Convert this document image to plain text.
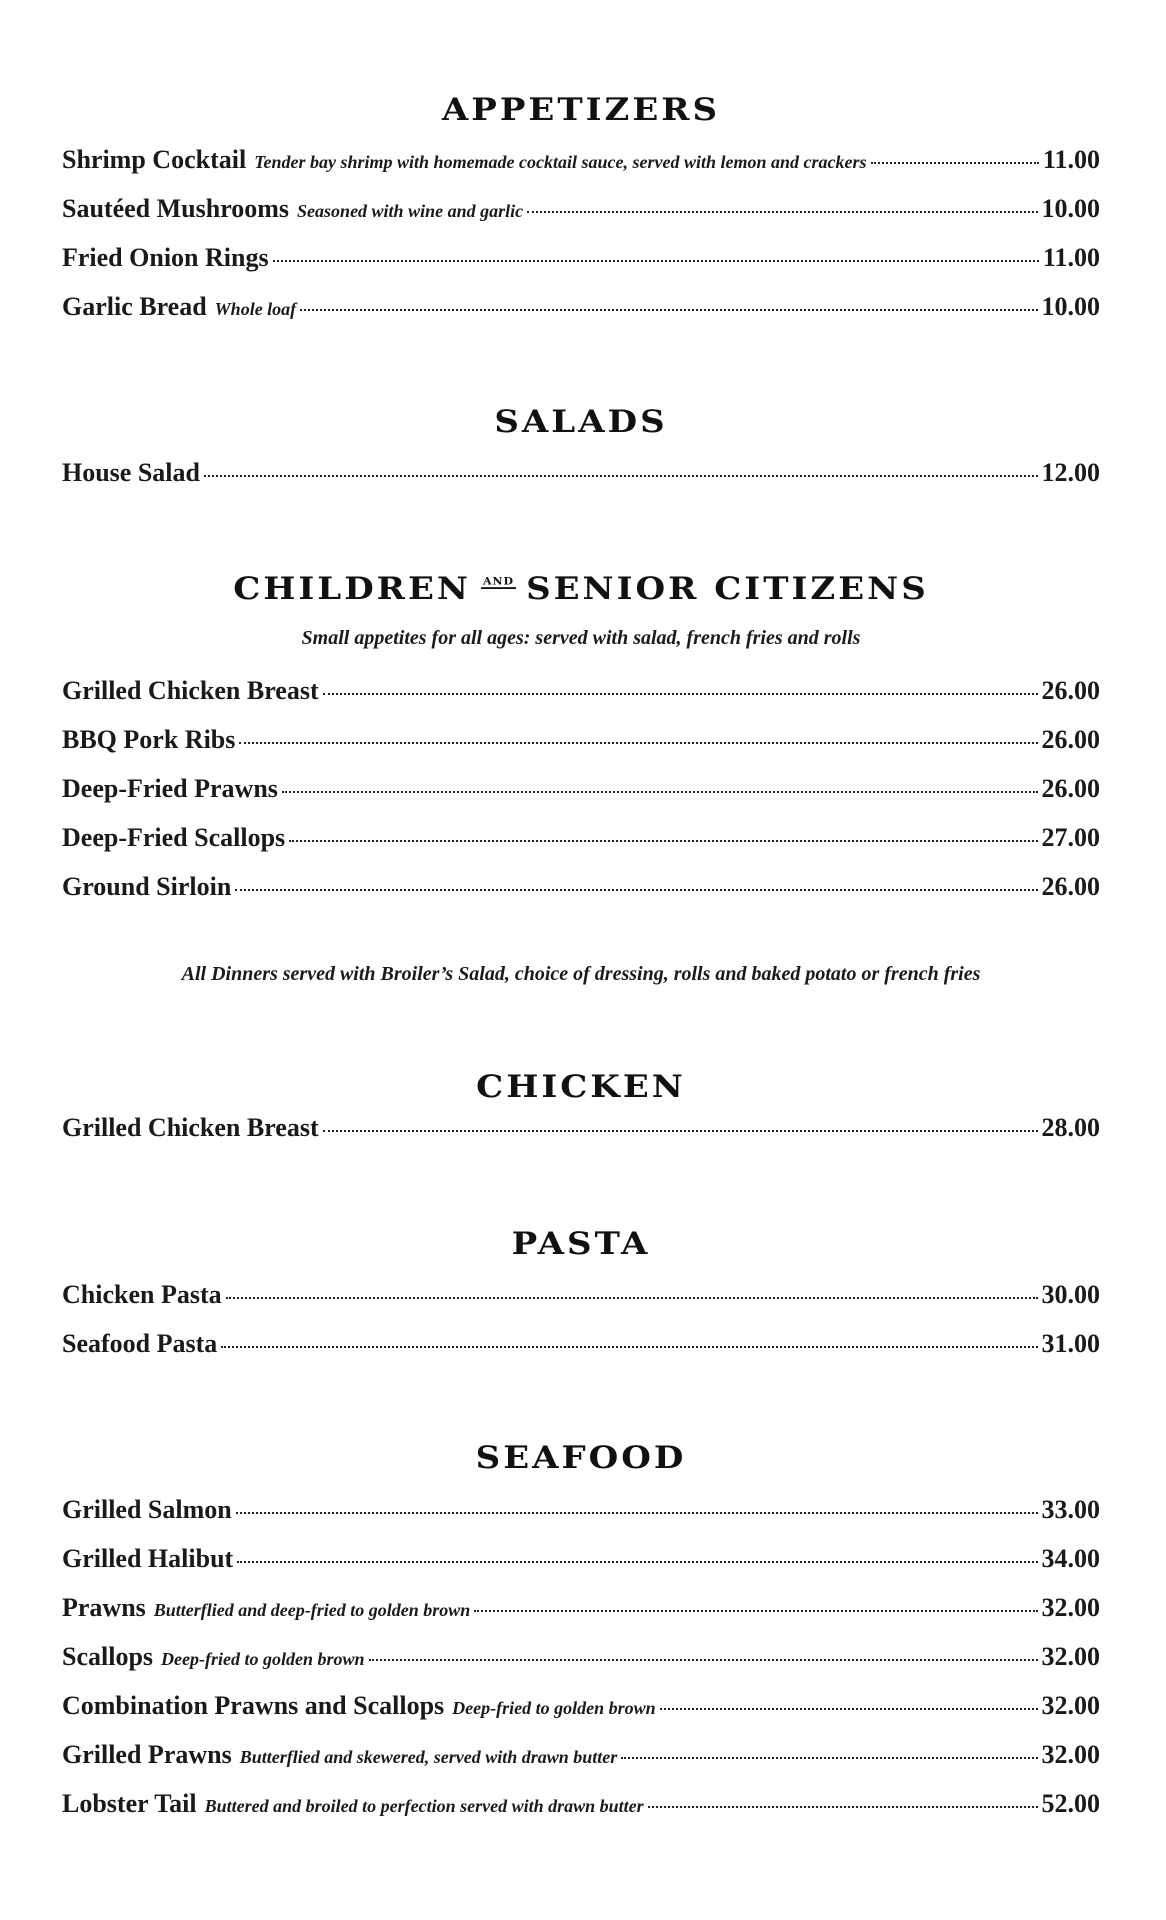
APPETIZERS
Shrimp Cocktail Tender bay shrimp with homemade cocktail sauce, served with lemon and crackers	11.00
Sautéed Mushrooms Seasoned with wine and garlic	10.00
Fried Onion Rings	11.00
Garlic Bread Whole loaf	10.00
SALADS
House Salad	12.00
CHILDREN AND SENIOR CITIZENS

Small appetites for all ages: served with salad, french fries and rolls

Grilled Chicken Breast	26.00
BBQ Pork Ribs	26.00
Deep-Fried Prawns	26.00
Deep-Fried Scallops	27.00
Ground Sirloin	26.00

All Dinners served with Broiler’s Salad, choice of dressing, rolls and baked potato or french fries

CHICKEN
Grilled Chicken Breast	28.00
PASTA
Chicken Pasta	30.00
Seafood Pasta	31.00
SEAFOOD
Grilled Salmon	33.00
Grilled Halibut	34.00
Prawns Butterflied and deep-fried to golden brown	32.00
Scallops Deep-fried to golden brown	32.00
Combination Prawns and Scallops Deep-fried to golden brown	32.00
Grilled Prawns Butterflied and skewered, served with drawn butter	32.00
Lobster Tail Buttered and broiled to perfection served with drawn butter	52.00
